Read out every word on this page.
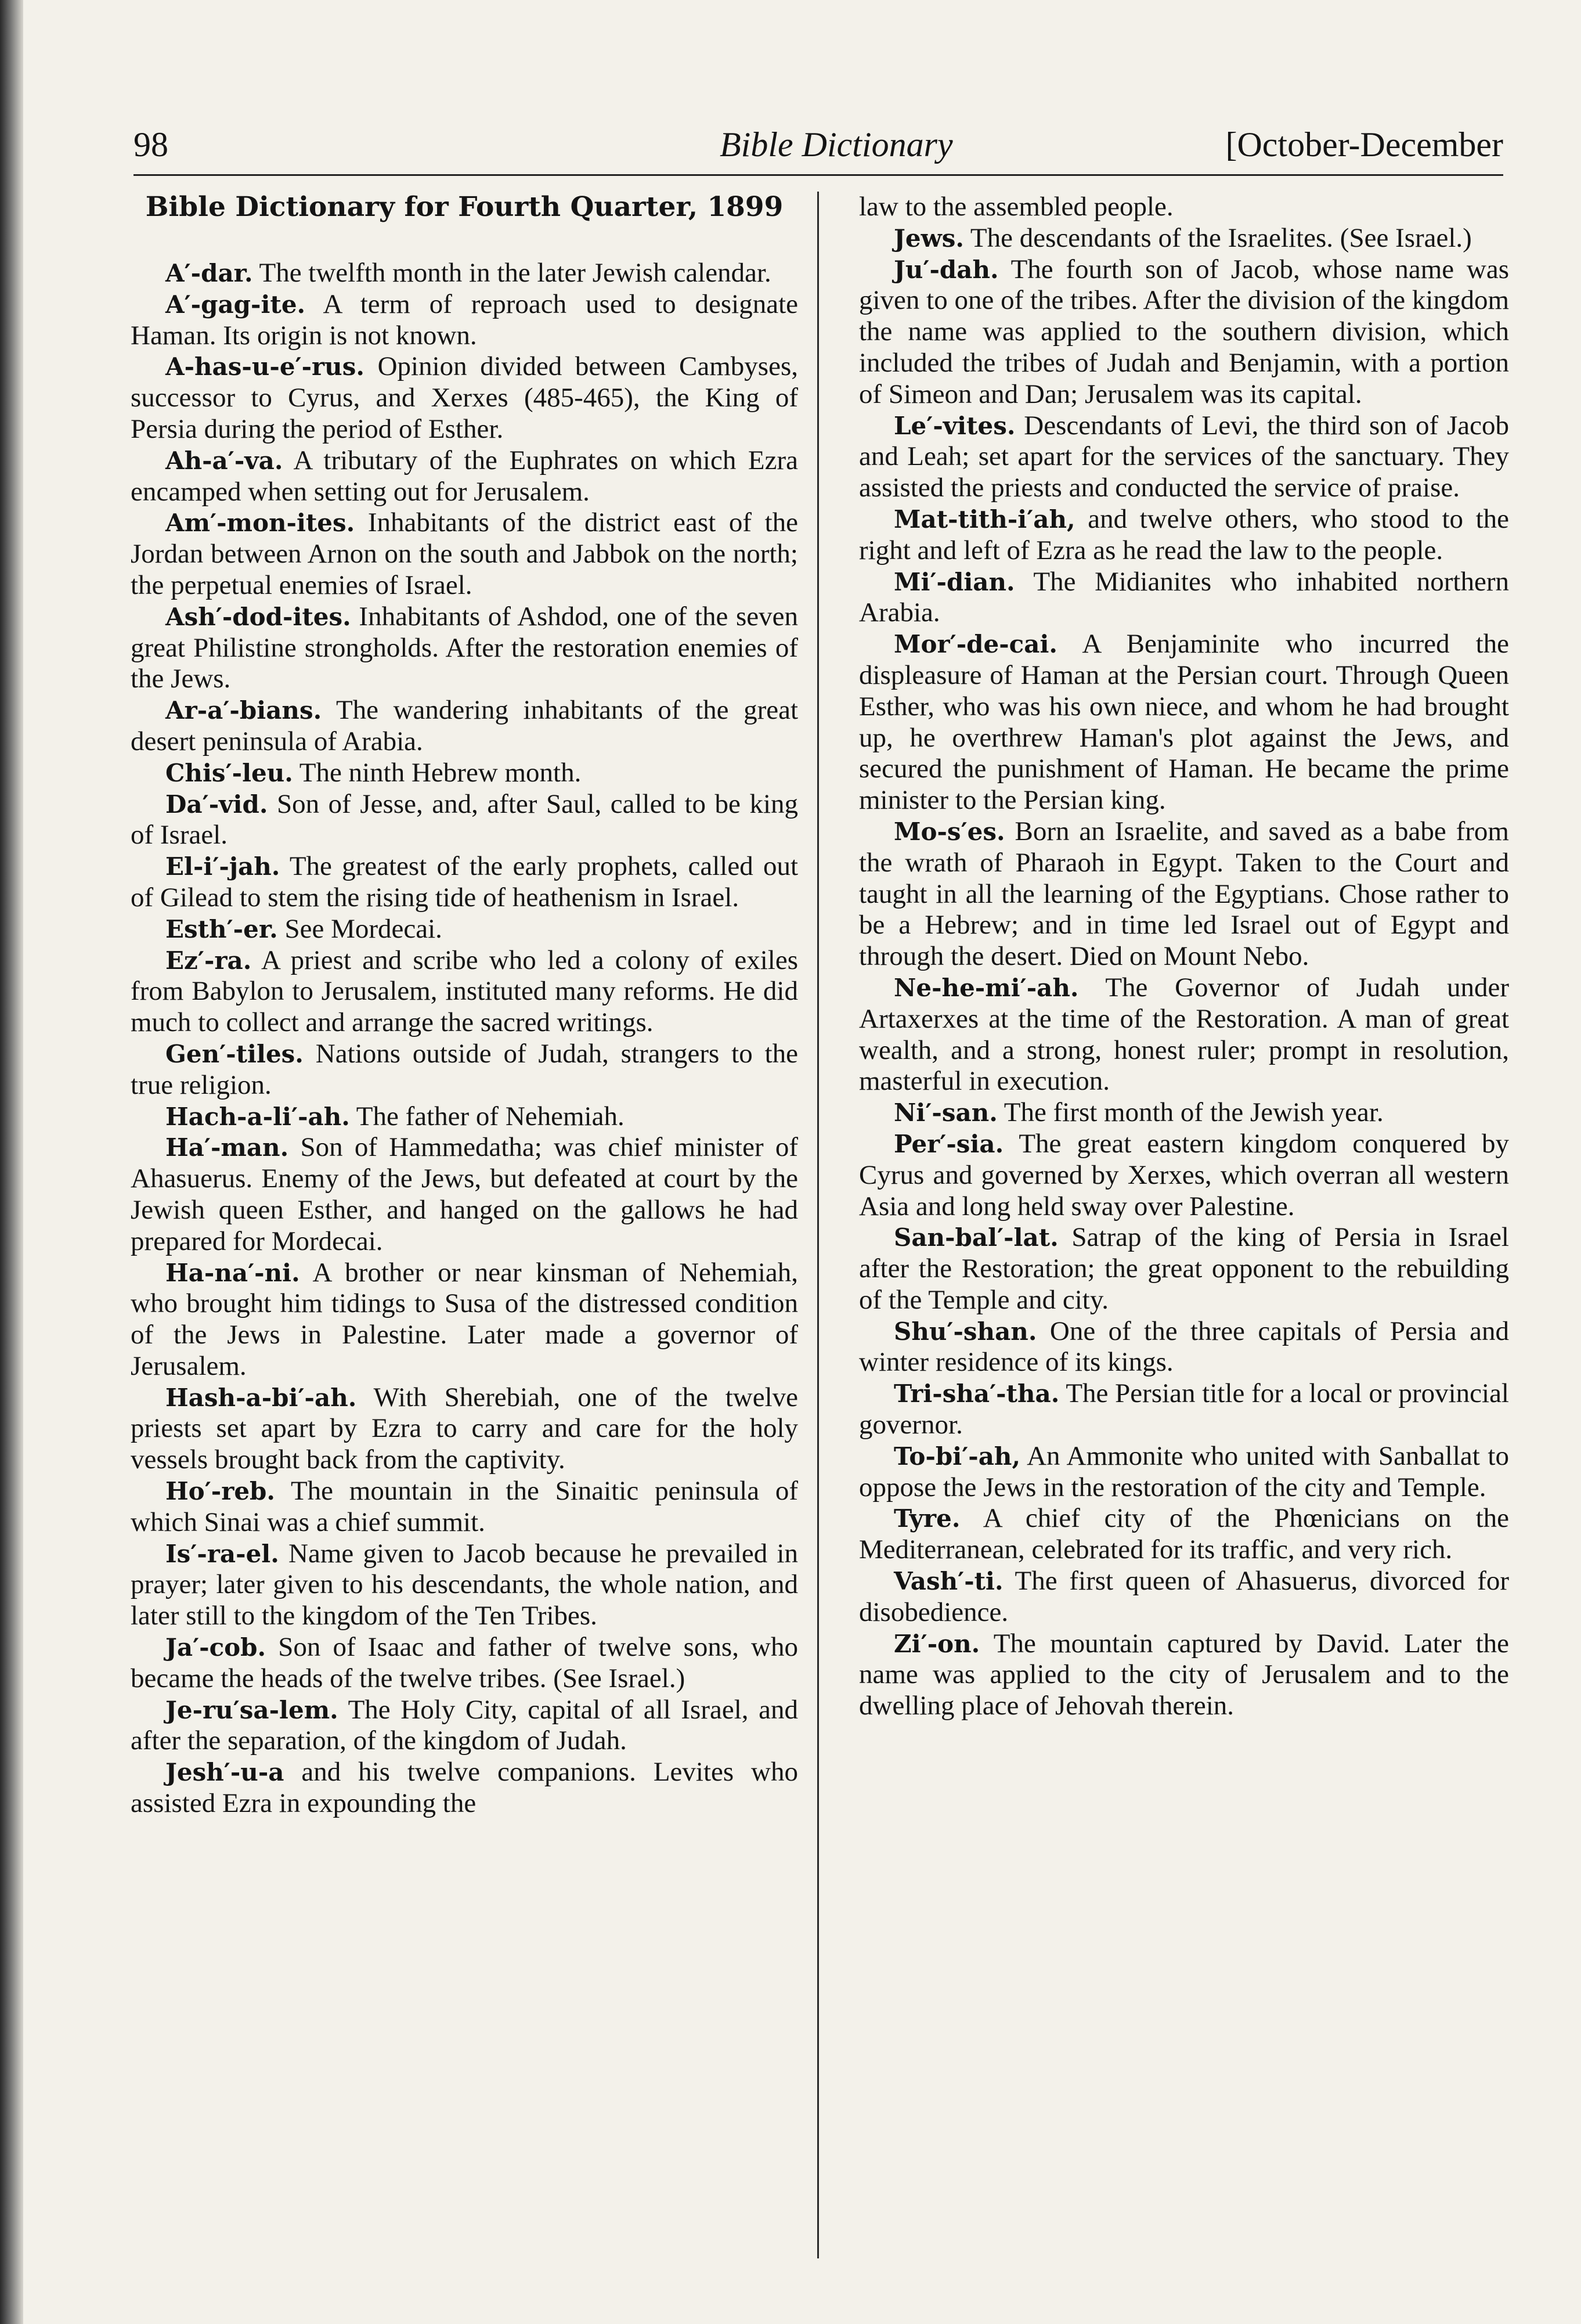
98	Bible Dictionary	[October-December
Bible Dictionary for Fourth Quarter, 1899

A′-dar. The twelfth month in the later Jewish calendar.

A′-gag-ite. A term of reproach used to designate Haman. Its origin is not known.

A-has-u-e′-rus. Opinion divided between Cambyses, successor to Cyrus, and Xerxes (485-465), the King of Persia during the period of Esther.

Ah-a′-va. A tributary of the Euphrates on which Ezra encamped when setting out for Jerusalem.

Am′-mon-ites. Inhabitants of the district east of the Jordan between Arnon on the south and Jabbok on the north; the perpetual enemies of Israel.

Ash′-dod-ites. Inhabitants of Ashdod, one of the seven great Philistine strongholds. After the restoration enemies of the Jews.

Ar-a′-bians. The wandering inhabitants of the great desert peninsula of Arabia.

Chis′-leu. The ninth Hebrew month.

Da′-vid. Son of Jesse, and, after Saul, called to be king of Israel.

El-i′-jah. The greatest of the early prophets, called out of Gilead to stem the rising tide of heathenism in Israel.

Esth′-er. See Mordecai.

Ez′-ra. A priest and scribe who led a colony of exiles from Babylon to Jerusalem, instituted many reforms. He did much to collect and arrange the sacred writings.

Gen′-tiles. Nations outside of Judah, strangers to the true religion.

Hach-a-li′-ah. The father of Nehemiah.

Ha′-man. Son of Hammedatha; was chief minister of Ahasuerus. Enemy of the Jews, but defeated at court by the Jewish queen Esther, and hanged on the gallows he had prepared for Mordecai.

Ha-na′-ni. A brother or near kinsman of Nehemiah, who brought him tidings to Susa of the distressed condition of the Jews in Palestine. Later made a governor of Jerusalem.

Hash-a-bi′-ah. With Sherebiah, one of the twelve priests set apart by Ezra to carry and care for the holy vessels brought back from the captivity.

Ho′-reb. The mountain in the Sinaitic peninsula of which Sinai was a chief summit.

Is′-ra-el. Name given to Jacob because he prevailed in prayer; later given to his descendants, the whole nation, and later still to the kingdom of the Ten Tribes.

Ja′-cob. Son of Isaac and father of twelve sons, who became the heads of the twelve tribes. (See Israel.)

Je-ru′sa-lem. The Holy City, capital of all Israel, and after the separation, of the kingdom of Judah.

Jesh′-u-a and his twelve companions. Levites who assisted Ezra in expounding the

law to the assembled people.

Jews. The descendants of the Israelites. (See Israel.)

Ju′-dah. The fourth son of Jacob, whose name was given to one of the tribes. After the division of the kingdom the name was applied to the southern division, which included the tribes of Judah and Benjamin, with a portion of Simeon and Dan; Jerusalem was its capital.

Le′-vites. Descendants of Levi, the third son of Jacob and Leah; set apart for the services of the sanctuary. They assisted the priests and conducted the service of praise.

Mat-tith-i′ah, and twelve others, who stood to the right and left of Ezra as he read the law to the people.

Mi′-dian. The Midianites who inhabited northern Arabia.

Mor′-de-cai. A Benjaminite who incurred the displeasure of Haman at the Persian court. Through Queen Esther, who was his own niece, and whom he had brought up, he overthrew Haman's plot against the Jews, and secured the punishment of Haman. He became the prime minister to the Persian king.

Mo-s′es. Born an Israelite, and saved as a babe from the wrath of Pharaoh in Egypt. Taken to the Court and taught in all the learning of the Egyptians. Chose rather to be a Hebrew; and in time led Israel out of Egypt and through the desert. Died on Mount Nebo.

Ne-he-mi′-ah. The Governor of Judah under Artaxerxes at the time of the Restoration. A man of great wealth, and a strong, honest ruler; prompt in resolution, masterful in execution.

Ni′-san. The first month of the Jewish year.

Per′-sia. The great eastern kingdom conquered by Cyrus and governed by Xerxes, which overran all western Asia and long held sway over Palestine.

San-bal′-lat. Satrap of the king of Persia in Israel after the Restoration; the great opponent to the rebuilding of the Temple and city.

Shu′-shan. One of the three capitals of Persia and winter residence of its kings.

Tri-sha′-tha. The Persian title for a local or provincial governor.

To-bi′-ah, An Ammonite who united with Sanballat to oppose the Jews in the restoration of the city and Temple.

Tyre. A chief city of the Phœnicians on the Mediterranean, celebrated for its traffic, and very rich.

Vash′-ti. The first queen of Ahasuerus, divorced for disobedience.

Zi′-on. The mountain captured by David. Later the name was applied to the city of Jerusalem and to the dwelling place of Jehovah therein.
